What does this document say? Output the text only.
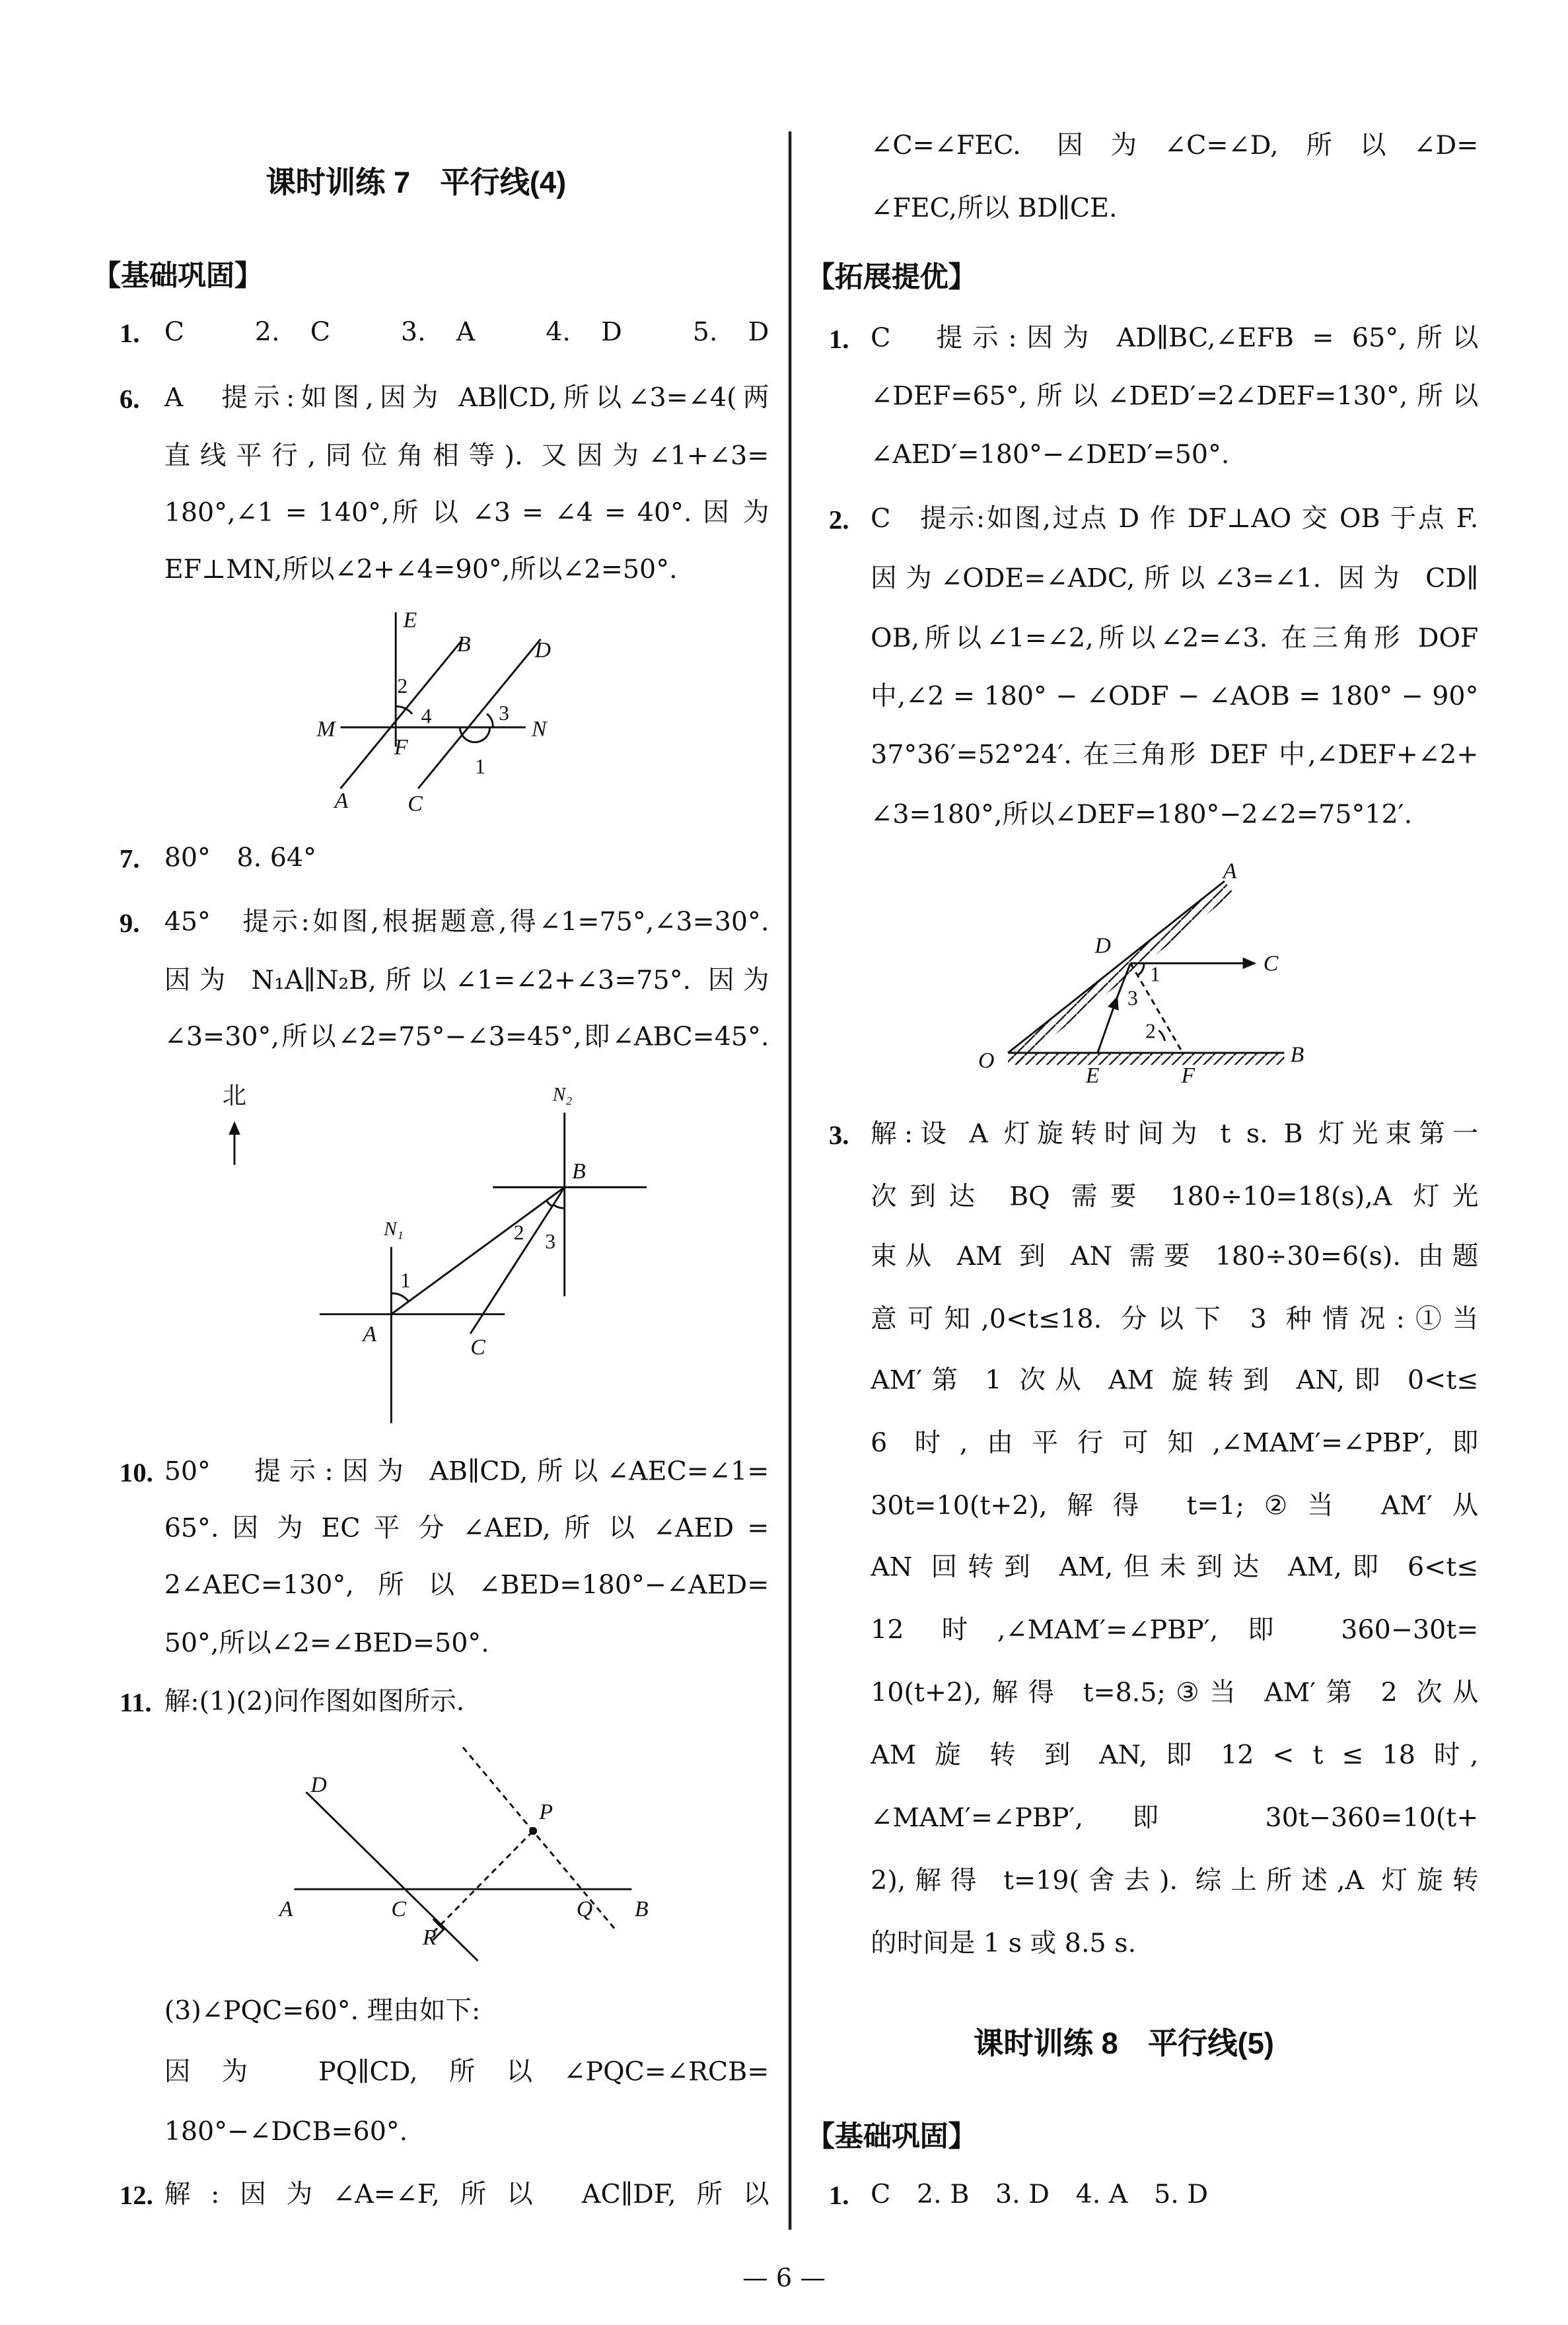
课时训练 7　平行线(4)
【基础巩固】
1. C　2. C　3. A　4. D　5. D
6. A　提示:如图,因为 AB∥CD,所以∠3=∠4(两
直线平行,同位角相等). 又因为∠1+∠3=
180°,∠1 = 140°,所 以 ∠3 = ∠4 = 40°. 因 为
EF⊥MN,所以∠2+∠4=90°,所以∠2=50°.
7. 80°　8. 64°
9. 45°　提示:如图,根据题意,得∠1=75°,∠3=30°.
因为 N₁A∥N₂B,所以∠1=∠2+∠3=75°. 因为
∠3=30°,所以∠2=75°−∠3=45°,即∠ABC=45°.
10. 50°　提示:因为 AB∥CD,所以∠AEC=∠1=
65°. 因 为 EC 平 分 ∠AED, 所 以 ∠AED =
2∠AEC=130°,所以∠BED=180°−∠AED=
50°,所以∠2=∠BED=50°.
11. 解:(1)(2)问作图如图所示.
(3)∠PQC=60°. 理由如下:
因为 PQ∥CD,所以∠PQC=∠RCB=
180°−∠DCB=60°.
12. 解:因为∠A=∠F,所以 AC∥DF,所以
【拓展提优】
课时训练 8　平行线(5)
【基础巩固】
∠C=∠FEC. 因为∠C=∠D,所以∠D=
∠FEC,所以 BD∥CE.
1. C　提示:因为 AD∥BC,∠EFB = 65°,所以
∠DEF=65°,所以∠DED′=2∠DEF=130°,所以
∠AED′=180°−∠DED′=50°.
2. C　提示:如图,过点 D 作 DF⊥AO 交 OB 于点 F.
因为∠ODE=∠ADC,所以∠3=∠1. 因为 CD∥
OB,所以∠1=∠2,所以∠2=∠3. 在三角形 DOF
中,∠2 = 180° − ∠ODF − ∠AOB = 180° − 90°
37°36′=52°24′. 在三角形 DEF 中,∠DEF+∠2+
∠3=180°,所以∠DEF=180°−2∠2=75°12′.
3. 解:设 A 灯旋转时间为 t s. B 灯光束第一
次到达 BQ 需要 180÷10=18(s),A 灯光
束从 AM 到 AN 需要 180÷30=6(s). 由题
意可知,0<t≤18. 分以下 3 种情况:①当
AM′第 1 次从 AM 旋转到 AN,即 0<t≤
6 时,由平行可知,∠MAM′=∠PBP′,即
30t=10(t+2),解得 t=1;②当 AM′从
AN 回转到 AM,但未到达 AM,即 6<t≤
12 时,∠MAM′=∠PBP′,即 360−30t=
10(t+2),解得 t=8.5;③当 AM′第 2 次从
AM 旋 转 到 AN, 即 12 < t ≤ 18 时,
∠MAM′=∠PBP′,即 30t−360=10(t+
2),解得 t=19(舍去). 综上所述,A 灯旋转
的时间是 1 s 或 8.5 s.
1. C　2. B　3. D　4. A　5. D
— 6 —
E
B	D
2
4	3
M	N
F
1
A	C
北	N₂
B
N₁
1
2 3
A
C
D
P
A	C	Q	B
R
A
D
C
1
3
2
O
E	F
B
